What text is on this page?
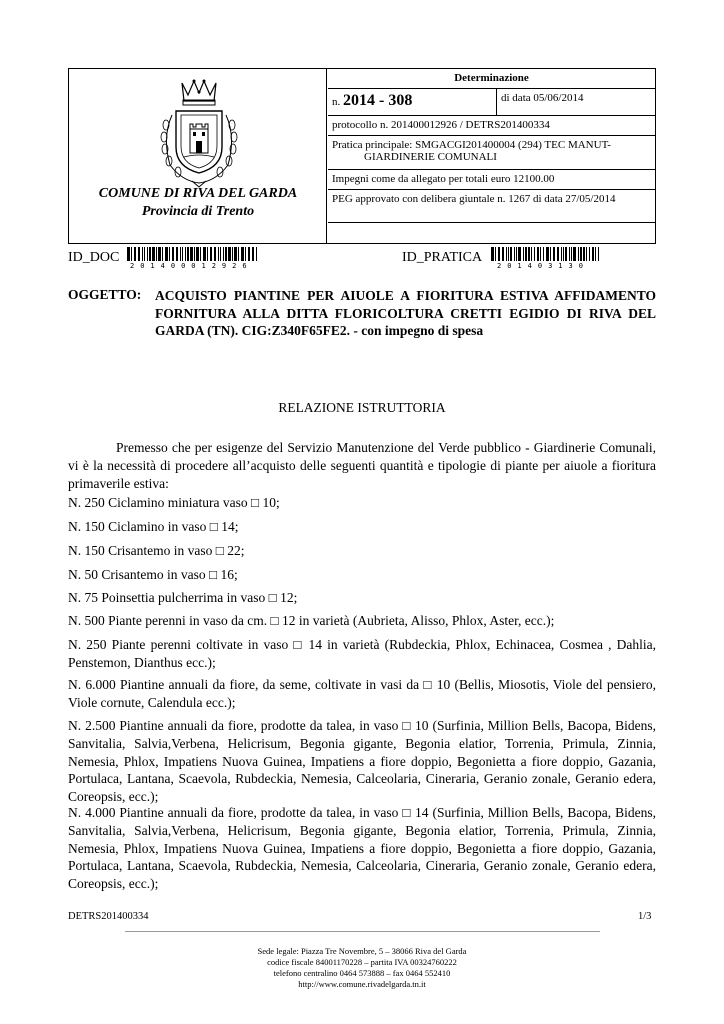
COMUNE DI RIVA DEL GARDA
Provincia di Trento
Determinazione
n. 2014 - 308	di data 05/06/2014
protocollo n. 201400012926 / DETRS201400334
Pratica principale: SMGACGI201400004 (294) TEC MANUT-
GIARDINERIE COMUNALI
Impegni come da allegato per totali euro 12100.00
PEG approvato con delibera giuntale n. 1267 di data 27/05/2014
ID_DOC
201400012926
ID_PRATICA
201403130
OGGETTO: ACQUISTO PIANTINE PER AIUOLE A FIORITURA ESTIVA AFFIDAMENTO FORNITURA ALLA DITTA FLORICOLTURA CRETTI EGIDIO DI RIVA DEL GARDA (TN). CIG:Z340F65FE2. - con impegno di spesa
RELAZIONE ISTRUTTORIA
Premesso che per esigenze del Servizio Manutenzione del Verde pubblico - Giardinerie Comunali, vi è la necessità di procedere all’acquisto delle seguenti quantità e tipologie di piante per aiuole a fioritura primaverile estiva:
N. 250 Ciclamino miniatura vaso □ 10;
N. 150 Ciclamino in vaso □ 14;
N. 150 Crisantemo in vaso □ 22;
N. 50 Crisantemo in vaso □ 16;
N. 75 Poinsettia pulcherrima in vaso □ 12;
N. 500 Piante perenni in vaso da cm. □ 12 in varietà (Aubrieta, Alisso, Phlox, Aster, ecc.);
N. 250 Piante perenni coltivate in vaso □ 14 in varietà (Rubdeckia, Phlox, Echinacea, Cosmea , Dahlia, Penstemon, Dianthus ecc.);
N. 6.000 Piantine annuali da fiore, da seme, coltivate in vasi da □ 10 (Bellis, Miosotis, Viole del pensiero, Viole cornute, Calendula ecc.);
N. 2.500 Piantine annuali da fiore, prodotte da talea, in vaso □ 10 (Surfinia, Million Bells, Bacopa, Bidens, Sanvitalia, Salvia,Verbena, Helicrisum, Begonia gigante, Begonia elatior, Torrenia, Primula, Zinnia, Nemesia, Phlox, Impatiens Nuova Guinea, Impatiens a fiore doppio, Begonietta a fiore doppio, Gazania, Portulaca, Lantana, Scaevola, Rubdeckia, Nemesia, Calceolaria, Cineraria, Geranio zonale, Geranio edera, Coreopsis, ecc.);
N. 4.000 Piantine annuali da fiore, prodotte da talea, in vaso □ 14 (Surfinia, Million Bells, Bacopa, Bidens, Sanvitalia, Salvia,Verbena, Helicrisum, Begonia gigante, Begonia elatior, Torrenia, Primula, Zinnia, Nemesia, Phlox, Impatiens Nuova Guinea, Impatiens a fiore doppio, Begonietta a fiore doppio, Gazania, Portulaca, Lantana, Scaevola, Rubdeckia, Nemesia, Calceolaria, Cineraria, Geranio zonale, Geranio edera, Coreopsis, ecc.);
DETRS201400334	1/3
Sede legale: Piazza Tre Novembre, 5 – 38066 Riva del Garda
codice fiscale 84001170228 – partita IVA 00324760222
telefono centralino 0464 573888 – fax 0464 552410
http://www.comune.rivadelgarda.tn.it
